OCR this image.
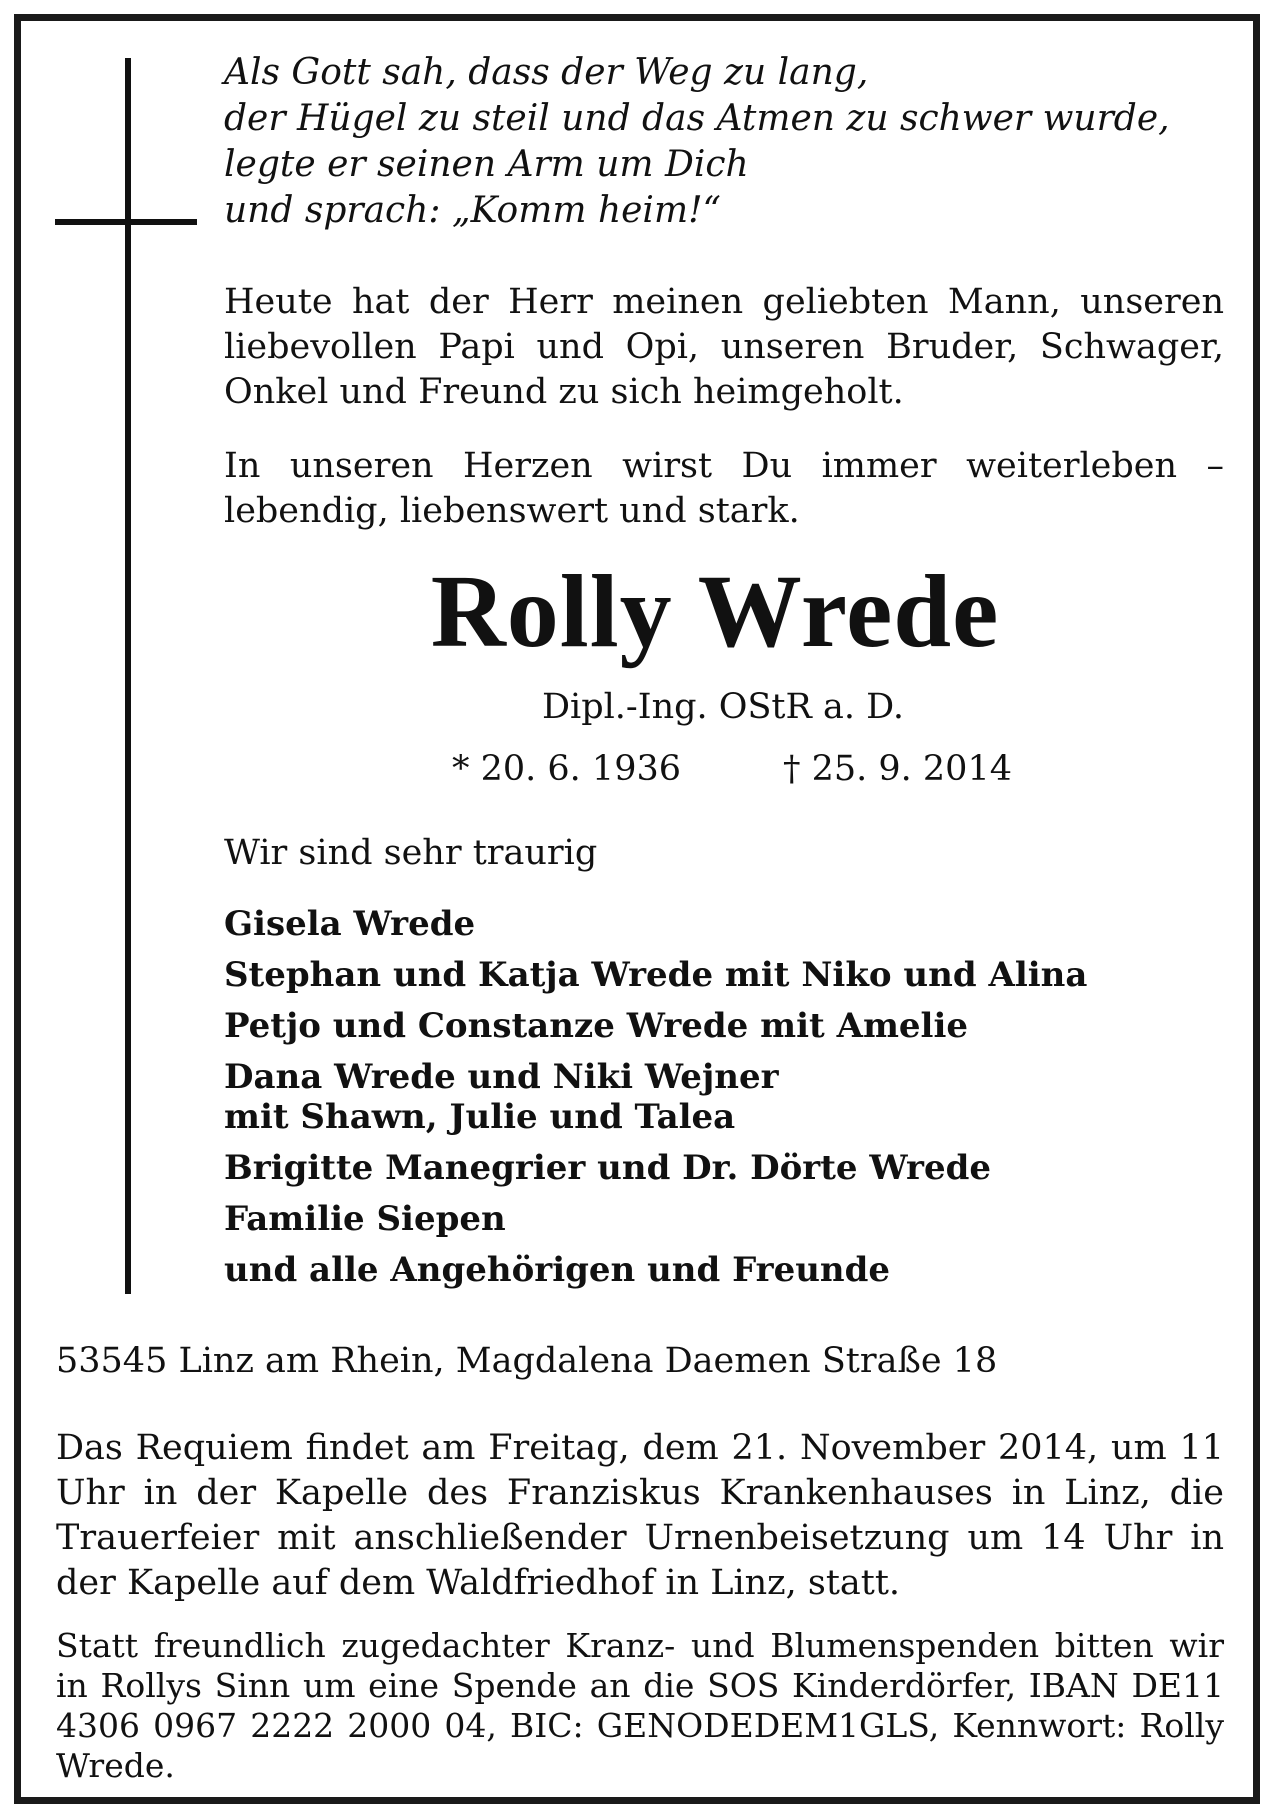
Als Gott sah, dass der Weg zu lang,
der Hügel zu steil und das Atmen zu schwer wurde,
legte er seinen Arm um Dich
und sprach: „Komm heim!“
Heute hat der Herr meinen geliebten Mann, unseren liebevollen Papi und Opi, unseren Bruder, Schwager, Onkel und Freund zu sich heimgeholt.
In unseren Herzen wirst Du immer weiterleben – lebendig, liebenswert und stark.
Rolly Wrede
Dipl.-Ing. OStR a. D.
* 20. 6. 1936	† 25. 9. 2014
Wir sind sehr traurig
Gisela Wrede
Stephan und Katja Wrede mit Niko und Alina
Petjo und Constanze Wrede mit Amelie
Dana Wrede und Niki Wejner
mit Shawn, Julie und Talea
Brigitte Manegrier und Dr. Dörte Wrede
Familie Siepen
und alle Angehörigen und Freunde
53545 Linz am Rhein, Magdalena Daemen Straße 18
Das Requiem findet am Freitag, dem 21. November 2014, um 11 Uhr in der Kapelle des Franziskus Krankenhauses in Linz, die Trauerfeier mit anschließender Urnenbeisetzung um 14 Uhr in der Kapelle auf dem Waldfriedhof in Linz, statt.
Statt freundlich zugedachter Kranz- und Blumenspenden bitten wir in Rollys Sinn um eine Spende an die SOS Kinderdörfer, IBAN DE11 4306 0967 2222 2000 04, BIC: GENODEDEM1GLS, Kennwort: Rolly Wrede.
